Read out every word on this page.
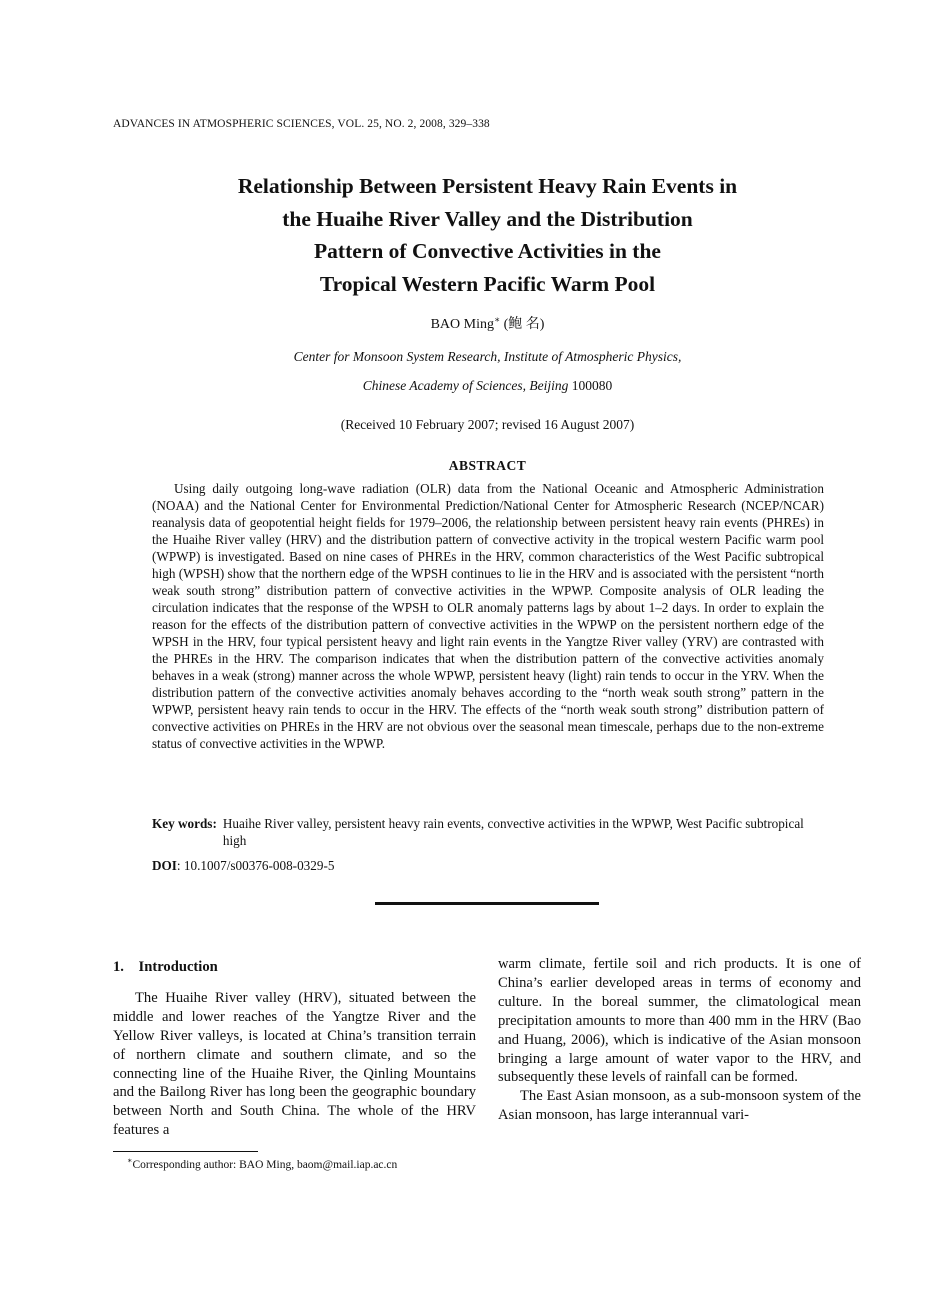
ADVANCES IN ATMOSPHERIC SCIENCES, VOL. 25, NO. 2, 2008, 329–338
Relationship Between Persistent Heavy Rain Events in
the Huaihe River Valley and the Distribution
Pattern of Convective Activities in the
Tropical Western Pacific Warm Pool
BAO Ming∗ (鲍 名)
Center for Monsoon System Research, Institute of Atmospheric Physics,
Chinese Academy of Sciences, Beijing 100080
(Received 10 February 2007; revised 16 August 2007)
ABSTRACT

Using daily outgoing long-wave radiation (OLR) data from the National Oceanic and Atmospheric Administration (NOAA) and the National Center for Environmental Prediction/National Center for Atmospheric Research (NCEP/NCAR) reanalysis data of geopotential height fields for 1979–2006, the relationship between persistent heavy rain events (PHREs) in the Huaihe River valley (HRV) and the distribution pattern of convective activity in the tropical western Pacific warm pool (WPWP) is investigated. Based on nine cases of PHREs in the HRV, common characteristics of the West Pacific subtropical high (WPSH) show that the northern edge of the WPSH continues to lie in the HRV and is associated with the persistent “north weak south strong” distribution pattern of convective activities in the WPWP. Composite analysis of OLR leading the circulation indicates that the response of the WPSH to OLR anomaly patterns lags by about 1–2 days. In order to explain the reason for the effects of the distribution pattern of convective activities in the WPWP on the persistent northern edge of the WPSH in the HRV, four typical persistent heavy and light rain events in the Yangtze River valley (YRV) are contrasted with the PHREs in the HRV. The comparison indicates that when the distribution pattern of the convective activities anomaly behaves in a weak (strong) manner across the whole WPWP, persistent heavy (light) rain tends to occur in the YRV. When the distribution pattern of the convective activities anomaly behaves according to the “north weak south strong” pattern in the WPWP, persistent heavy rain tends to occur in the HRV. The effects of the “north weak south strong” distribution pattern of convective activities on PHREs in the HRV are not obvious over the seasonal mean timescale, perhaps due to the non-extreme status of convective activities in the WPWP.

Key words: Huaihe River valley, persistent heavy rain events, convective activities in the WPWP, West Pacific subtropical high
DOI: 10.1007/s00376-008-0329-5

1.    Introduction

The Huaihe River valley (HRV), situated between the middle and lower reaches of the Yangtze River and the Yellow River valleys, is located at China’s transition terrain of northern climate and southern climate, and so the connecting line of the Huaihe River, the Qinling Mountains and the Bailong River has long been the geographic boundary between North and South China. The whole of the HRV features a

warm climate, fertile soil and rich products. It is one of China’s earlier developed areas in terms of economy and culture. In the boreal summer, the climatological mean precipitation amounts to more than 400 mm in the HRV (Bao and Huang, 2006), which is indicative of the Asian monsoon bringing a large amount of water vapor to the HRV, and subsequently these levels of rainfall can be formed.

The East Asian monsoon, as a sub-monsoon system of the Asian monsoon, has large interannual vari-

∗Corresponding author: BAO Ming, baom@mail.iap.ac.cn
